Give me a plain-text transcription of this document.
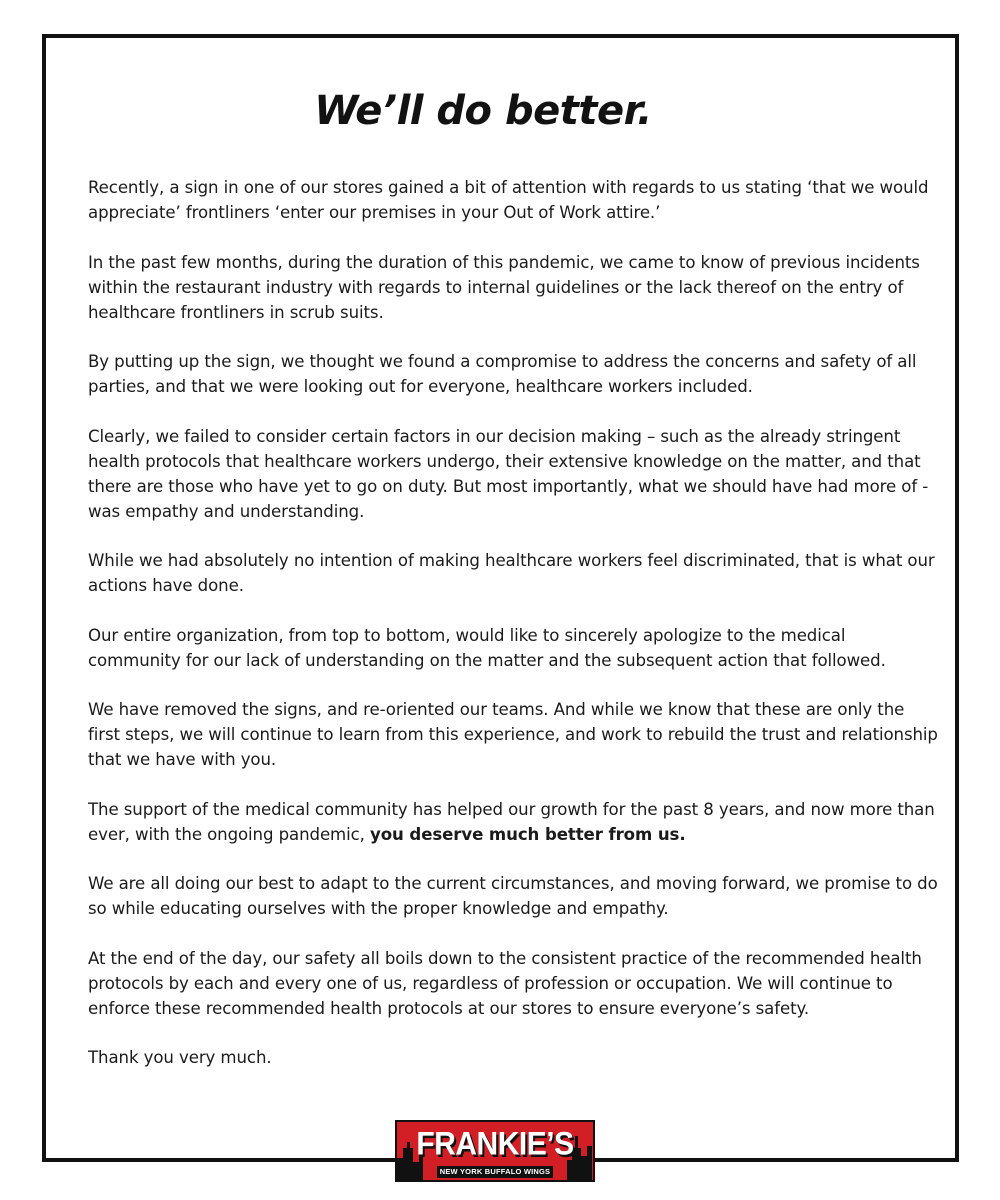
We’ll do better.

Recently, a sign in one of our stores gained a bit of attention with regards to us stating ‘that we would appreciate’ frontliners ‘enter our premises in your Out of Work attire.’

In the past few months, during the duration of this pandemic, we came to know of previous incidents within the restaurant industry with regards to internal guidelines or the lack thereof on the entry of healthcare frontliners in scrub suits.

By putting up the sign, we thought we found a compromise to address the concerns and safety of all parties, and that we were looking out for everyone, healthcare workers included.

Clearly, we failed to consider certain factors in our decision making – such as the already stringent health protocols that healthcare workers undergo, their extensive knowledge on the matter, and that there are those who have yet to go on duty. But most importantly, what we should have had more of - was empathy and understanding.

While we had absolutely no intention of making healthcare workers feel discriminated, that is what our actions have done.

Our entire organization, from top to bottom, would like to sincerely apologize to the medical community for our lack of understanding on the matter and the subsequent action that followed.

We have removed the signs, and re-oriented our teams. And while we know that these are only the first steps, we will continue to learn from this experience, and work to rebuild the trust and relationship that we have with you.

The support of the medical community has helped our growth for the past 8 years, and now more than ever, with the ongoing pandemic, you deserve much better from us.

We are all doing our best to adapt to the current circumstances, and moving forward, we promise to do so while educating ourselves with the proper knowledge and empathy.

At the end of the day, our safety all boils down to the consistent practice of the recommended health protocols by each and every one of us, regardless of profession or occupation. We will continue to enforce these recommended health protocols at our stores to ensure everyone’s safety.

Thank you very much.

FRANKIE’S
NEW YORK BUFFALO WINGS
